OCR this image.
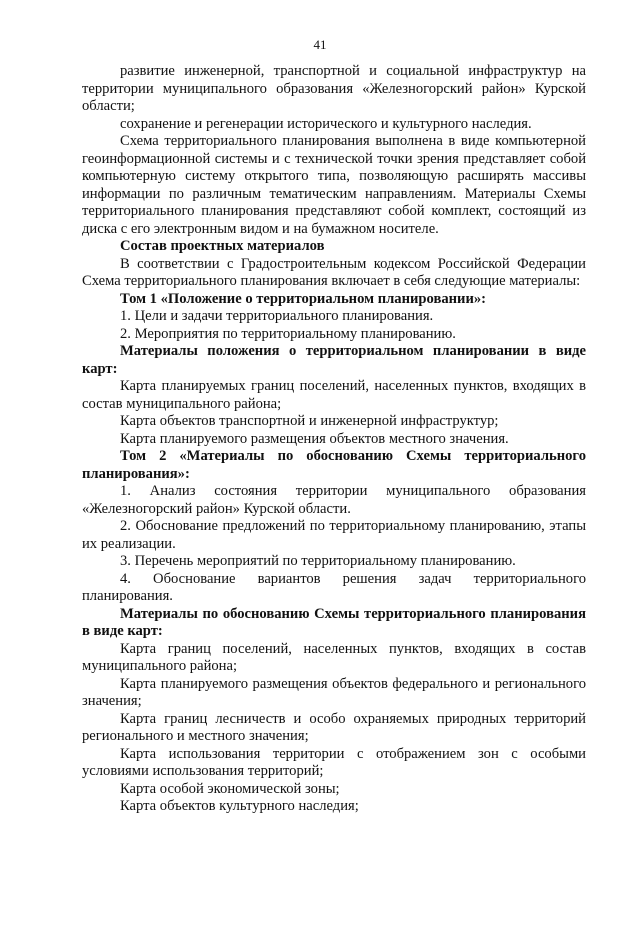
41

развитие инженерной, транспортной и социальной инфраструктур на территории муниципального образования «Железногорский район» Курской области;

сохранение и регенерации исторического и культурного наследия.

Схема территориального планирования выполнена в виде компьютерной геоинформационной системы и с технической точки зрения представляет собой компьютерную систему открытого типа, позволяющую расширять массивы информации по различным тематическим направлениям. Материалы Схемы территориального планирования представляют собой комплект, состоящий из диска с его электронным видом и на бумажном носителе.

Состав проектных материалов

В соответствии с Градостроительным кодексом Российской Федерации Схема территориального планирования включает в себя следующие материалы:

Том 1 «Положение о территориальном планировании»:

1. Цели и задачи территориального планирования.

2. Мероприятия по территориальному планированию.

Материалы положения о территориальном планировании в виде карт:

Карта планируемых границ поселений, населенных пунктов, входящих в состав муниципального района;

Карта объектов транспортной и инженерной инфраструктур;

Карта планируемого размещения объектов местного значения.

Том 2 «Материалы по обоснованию Схемы территориального планирования»:

1. Анализ состояния территории муниципального образования «Железногорский район» Курской области.

2. Обоснование предложений по территориальному планированию, этапы их реализации.

3. Перечень мероприятий по территориальному планированию.

4. Обоснование вариантов решения задач территориального планирования.

Материалы по обоснованию Схемы территориального планирования в виде карт:

Карта границ поселений, населенных пунктов, входящих в состав муниципального района;

Карта планируемого размещения объектов федерального и регионального значения;

Карта границ лесничеств и особо охраняемых природных территорий регионального и местного значения;

Карта использования территории с отображением зон с особыми условиями использования территорий;

Карта особой экономической зоны;

Карта объектов культурного наследия;
